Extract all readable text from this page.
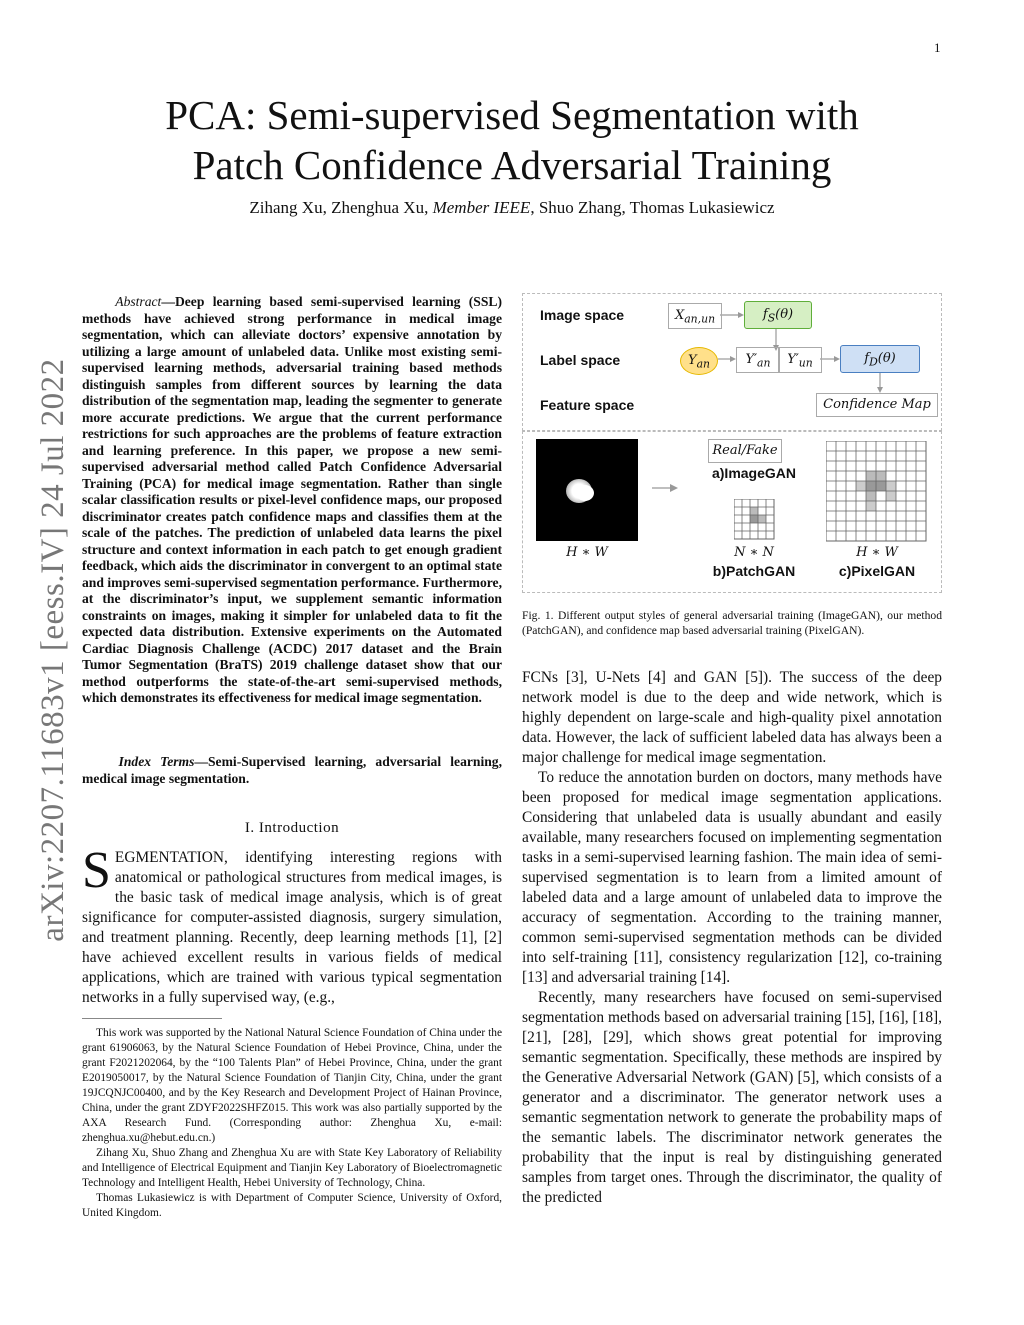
1
arXiv:2207.11683v1 [eess.IV] 24 Jul 2022
PCA: Semi-supervised Segmentation with
Patch Confidence Adversarial Training
Zihang Xu, Zhenghua Xu, Member IEEE, Shuo Zhang, Thomas Lukasiewicz
Abstract—Deep learning based semi-supervised learning (SSL) methods have achieved strong performance in medical image segmentation, which can alleviate doctors’ expensive annotation by utilizing a large amount of unlabeled data. Unlike most existing semi-supervised learning methods, adversarial training based methods distinguish samples from different sources by learning the data distribution of the segmentation map, leading the segmenter to generate more accurate predictions. We argue that the current performance restrictions for such approaches are the problems of feature extraction and learning preference. In this paper, we propose a new semi-supervised adversarial method called Patch Confidence Adversarial Training (PCA) for medical image segmentation. Rather than single scalar classification results or pixel-level confidence maps, our proposed discriminator creates patch confidence maps and classifies them at the scale of the patches. The prediction of unlabeled data learns the pixel structure and context information in each patch to get enough gradient feedback, which aids the discriminator in convergent to an optimal state and improves semi-supervised segmentation performance. Furthermore, at the discriminator’s input, we supplement semantic information constraints on images, making it simpler for unlabeled data to fit the expected data distribution. Extensive experiments on the Automated Cardiac Diagnosis Challenge (ACDC) 2017 dataset and the Brain Tumor Segmentation (BraTS) 2019 challenge dataset show that our method outperforms the state-of-the-art semi-supervised methods, which demonstrates its effectiveness for medical image segmentation.
Index Terms—Semi-Supervised learning, adversarial learning, medical image segmentation.
I. Introduction
SEGMENTATION, identifying interesting regions with anatomical or pathological structures from medical images, is the basic task of medical image analysis, which is of great significance for computer-assisted diagnosis, surgery simulation, and treatment planning. Recently, deep learning methods [1], [2] have achieved excellent results in various fields of medical applications, which are trained with various typical segmentation networks in a fully supervised way, (e.g.,

This work was supported by the National Natural Science Foundation of China under the grant 61906063, by the Natural Science Foundation of Hebei Province, China, under the grant F2021202064, by the “100 Talents Plan” of Hebei Province, China, under the grant E2019050017, by the Natural Science Foundation of Tianjin City, China, under the grant 19JCQNJC00400, and by the Key Research and Development Project of Hainan Province, China, under the grant ZDYF2022SHFZ015. This work was also partially supported by the AXA Research Fund. (Corresponding author: Zhenghua Xu, e-mail: zhenghua.xu@hebut.edu.cn.)

Zihang Xu, Shuo Zhang and Zhenghua Xu are with State Key Laboratory of Reliability and Intelligence of Electrical Equipment and Tianjin Key Laboratory of Bioelectromagnetic Technology and Intelligent Health, Hebei University of Technology, China.

Thomas Lukasiewicz is with Department of Computer Science, University of Oxford, United Kingdom.

Image space
Label space
Feature space
$X_{an,un}$	$f_S(\theta)$
$Y_{an}$	$Y'_{an}$	$Y'_{un}$	$f_D(\theta)$
Confidence Map
H ∗ W
Real/Fake
a)ImageGAN
N ∗ N
b)PatchGAN
H ∗ W
c)PixelGAN
Fig. 1. Different output styles of general adversarial training (ImageGAN), our method (PatchGAN), and confidence map based adversarial training (PixelGAN).

FCNs [3], U-Nets [4] and GAN [5]). The success of the deep network model is due to the deep and wide network, which is highly dependent on large-scale and high-quality pixel annotation data. However, the lack of sufficient labeled data has always been a major challenge for medical image segmentation.

To reduce the annotation burden on doctors, many methods have been proposed for medical image segmentation applications. Considering that unlabeled data is usually abundant and easily available, many researchers focused on implementing segmentation tasks in a semi-supervised learning fashion. The main idea of semi-supervised segmentation is to learn from a limited amount of labeled data and a large amount of unlabeled data to improve the accuracy of segmentation. According to the training manner, common semi-supervised segmentation methods can be divided into self-training [11], consistency regularization [12], co-training [13] and adversarial training [14].

Recently, many researchers have focused on semi-supervised segmentation methods based on adversarial training [15], [16], [18], [21], [28], [29], which shows great potential for improving semantic segmentation. Specifically, these methods are inspired by the Generative Adversarial Network (GAN) [5], which consists of a generator and a discriminator. The generator network uses a semantic segmentation network to generate the probability maps of the semantic labels. The discriminator network generates the probability that the input is real by distinguishing generated samples from target ones. Through the discriminator, the quality of the predicted
